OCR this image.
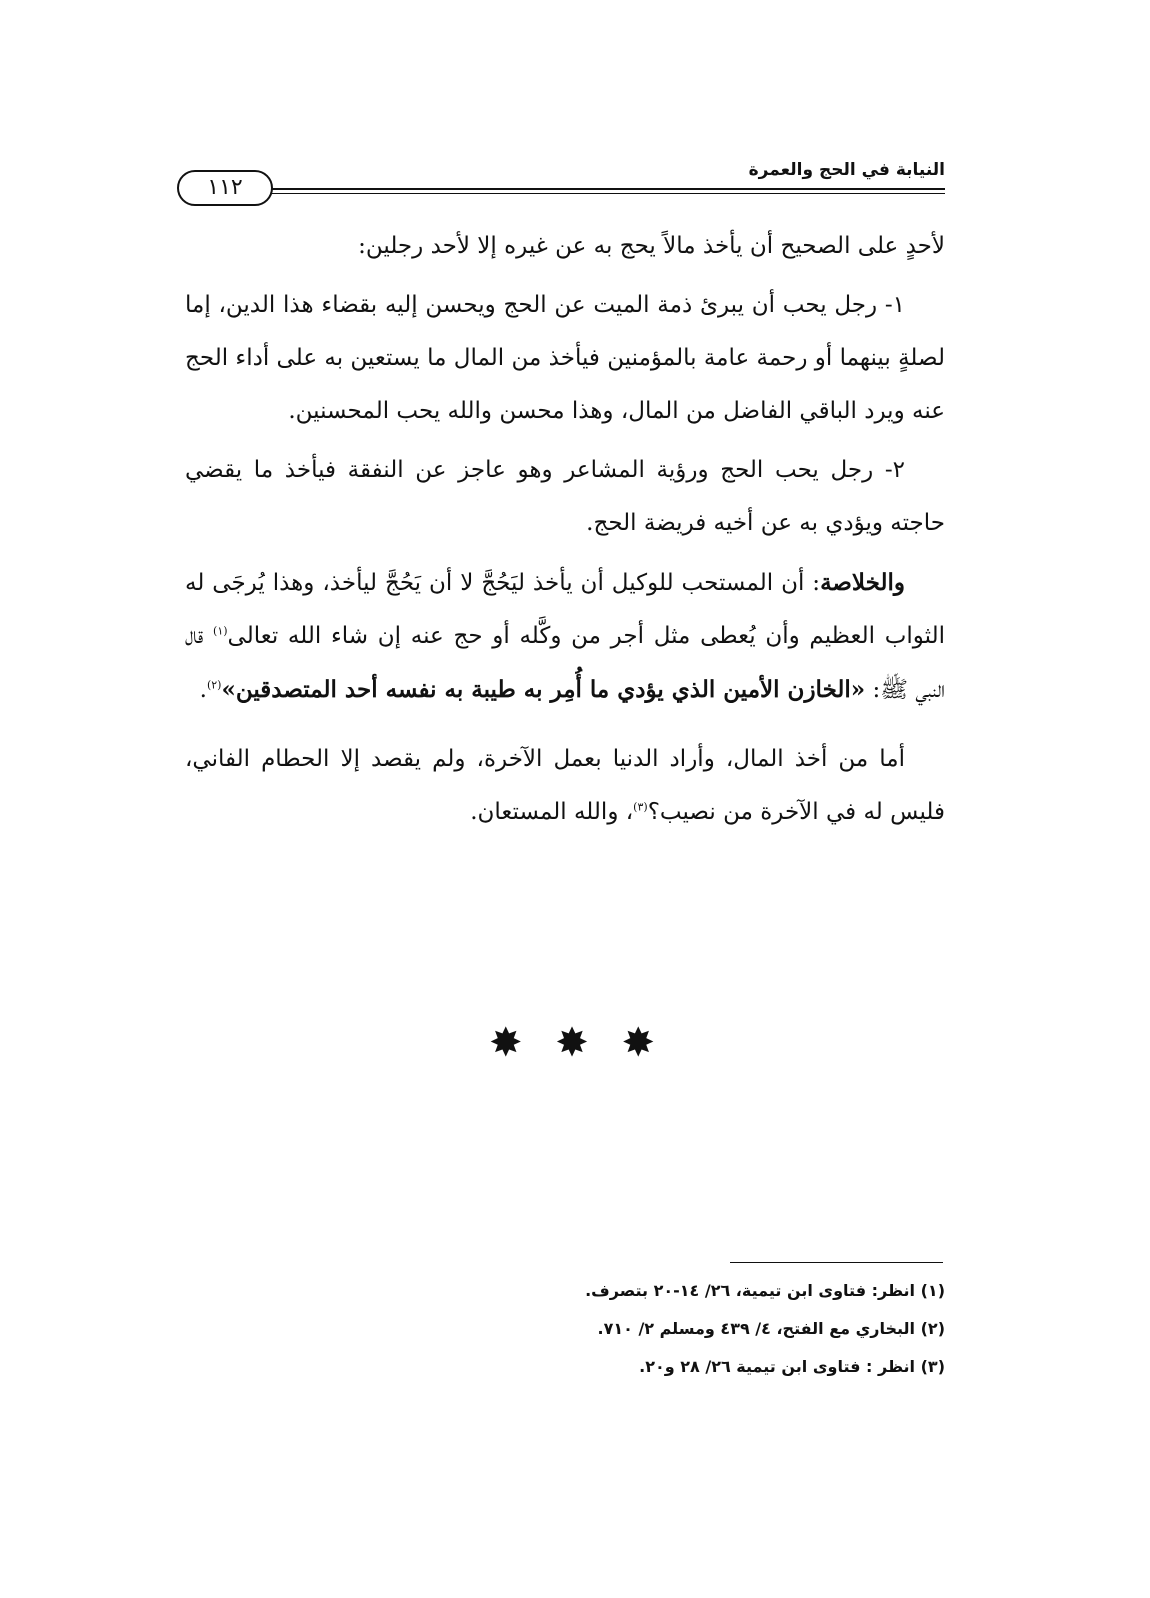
النيابة في الحج والعمرة
١١٢

لأحدٍ على الصحيح أن يأخذ مالاً يحج به عن غيره إلا لأحد رجلين:

١- رجل يحب أن يبرئ ذمة الميت عن الحج ويحسن إليه بقضاء هذا الدين، إما لصلةٍ بينهما أو رحمة عامة بالمؤمنين فيأخذ من المال ما يستعين به على أداء الحج عنه ويرد الباقي الفاضل من المال، وهذا محسن والله يحب المحسنين.

٢- رجل يحب الحج ورؤية المشاعر وهو عاجز عن النفقة فيأخذ ما يقضي حاجته ويؤدي به عن أخيه فريضة الحج.

والخلاصة: أن المستحب للوكيل أن يأخذ ليَحُجَّ لا أن يَحُجَّ ليأخذ، وهذا يُرجَى له الثواب العظيم وأن يُعطى مثل أجر من وكَّله أو حج عنه إن شاء الله تعالى$^{(١)}$ قال النبي ﷺ: «الخازن الأمين الذي يؤدي ما أُمِر به طيبة به نفسه أحد المتصدقين»$^{(٢)}$.

أما من أخذ المال، وأراد الدنيا بعمل الآخرة، ولم يقصد إلا الحطام الفاني، فليس له في الآخرة من نصيب؟$^{(٣)}$، والله المستعان.

✸ ✸ ✸

(١) انظر: فتاوى ابن تيمية، ٢٦/ ١٤-٢٠ بتصرف.

(٢) البخاري مع الفتح، ٤/ ٤٣٩ ومسلم ٢/ ٧١٠.

(٣) انظر : فتاوى ابن تيمية ٢٦/ ٢٨ و٢٠.
